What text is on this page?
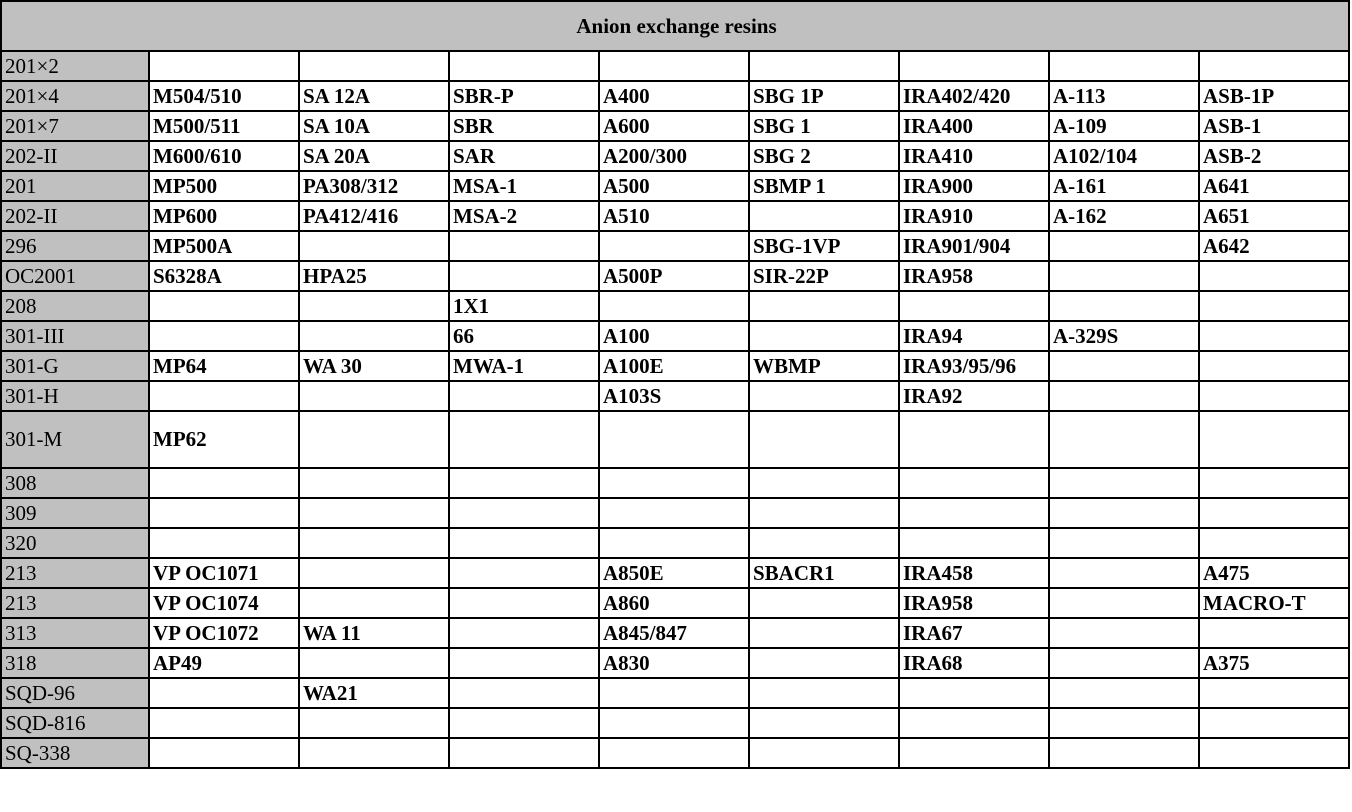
Anion exchange resins								
201×2								
201×4	M504/510	SA 12A	SBR-P	A400	SBG 1P	IRA402/420	A-113	ASB-1P
201×7	M500/511	SA 10A	SBR	A600	SBG 1	IRA400	A-109	ASB-1
202-II	M600/610	SA 20A	SAR	A200/300	SBG 2	IRA410	A102/104	ASB-2
201	MP500	PA308/312	MSA-1	A500	SBMP 1	IRA900	A-161	A641
202-II	MP600	PA412/416	MSA-2	A510		IRA910	A-162	A651
296	MP500A				SBG-1VP	IRA901/904		A642
OC2001	S6328A	HPA25		A500P	SIR-22P	IRA958		
208			1X1					
301-III			66	A100		IRA94	A-329S	
301-G	MP64	WA 30	MWA-1	A100E	WBMP	IRA93/95/96		
301-H				A103S		IRA92		
301-M	MP62							
308								
309								
320								
213	VP OC1071			A850E	SBACR1	IRA458		A475
213	VP OC1074			A860		IRA958		MACRO-T
313	VP OC1072	WA 11		A845/847		IRA67		
318	AP49			A830		IRA68		A375
SQD-96		WA21						
SQD-816								
SQ-338								
